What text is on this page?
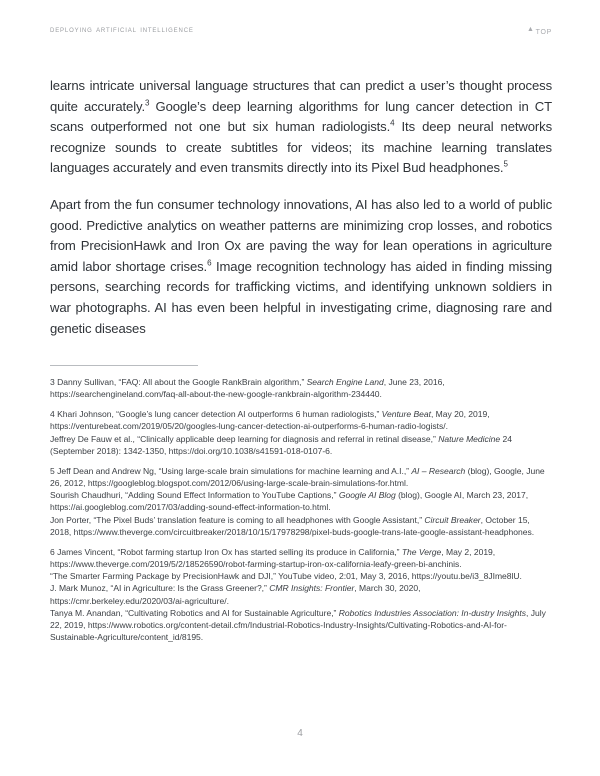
deploying artificial intelligence	▲ top

learns intricate universal language structures that can predict a user’s thought process quite accurately.$^3$ Google’s deep learning algorithms for lung cancer detection in CT scans outperformed not one but six human radiologists.$^4$ Its deep neural networks recognize sounds to create subtitles for videos; its machine learning translates languages accurately and even transmits directly into its Pixel Bud headphones.$^5$

Apart from the fun consumer technology innovations, AI has also led to a world of public good. Predictive analytics on weather patterns are minimizing crop losses, and robotics from PrecisionHawk and Iron Ox are paving the way for lean operations in agriculture amid labor shortage crises.$^6$ Image recognition technology has aided in finding missing persons, searching records for trafficking victims, and identifying unknown soldiers in war photographs. AI has even been helpful in investigating crime, diagnosing rare and genetic diseases

3 Danny Sullivan, “FAQ: All about the Google RankBrain algorithm,” Search Engine Land, June 23, 2016, https://searchengineland.com/faq-all-about-the-new-google-rankbrain-algorithm-234440.

4 Khari Johnson, “Google’s lung cancer detection AI outperforms 6 human radiologists,” Venture Beat, May 20, 2019, https://venturebeat.com/2019/05/20/googles-lung-cancer-detection-ai-outperforms-6-human-radio-logists/.

Jeffrey De Fauw et al., “Clinically applicable deep learning for diagnosis and referral in retinal disease,” Nature Medicine 24 (September 2018): 1342-1350, https://doi.org/10.1038/s41591-018-0107-6.

5 Jeff Dean and Andrew Ng, “Using large-scale brain simulations for machine learning and A.I.,” AI – Research (blog), Google, June 26, 2012, https://googleblog.blogspot.com/2012/06/using-large-scale-brain-simulations-for.html.

Sourish Chaudhuri, “Adding Sound Effect Information to YouTube Captions,” Google AI Blog (blog), Google AI, March 23, 2017, https://ai.googleblog.com/2017/03/adding-sound-effect-information-to.html.

Jon Porter, “The Pixel Buds’ translation feature is coming to all headphones with Google Assistant,” Circuit Breaker, October 15, 2018, https://www.theverge.com/circuitbreaker/2018/10/15/17978298/pixel-buds-google-trans-late-google-assistant-headphones.

6 James Vincent, “Robot farming startup Iron Ox has started selling its produce in California,” The Verge, May 2, 2019, https://www.theverge.com/2019/5/2/18526590/robot-farming-startup-iron-ox-california-leafy-green-bi-anchinis.

“The Smarter Farming Package by PrecisionHawk and DJI,” YouTube video, 2:01, May 3, 2016, https://youtu.be/i3_8JIme8lU.

J. Mark Munoz, “AI in Agriculture: Is the Grass Greener?,” CMR Insights: Frontier, March 30, 2020, https://cmr.berkeley.edu/2020/03/ai-agriculture/.

Tanya M. Anandan, “Cultivating Robotics and AI for Sustainable Agriculture,” Robotics Industries Association: In-dustry Insights, July 22, 2019, https://www.robotics.org/content-detail.cfm/Industrial-Robotics-Industry-Insights/Cultivating-Robotics-and-AI-for-Sustainable-Agriculture/content_id/8195.

4
